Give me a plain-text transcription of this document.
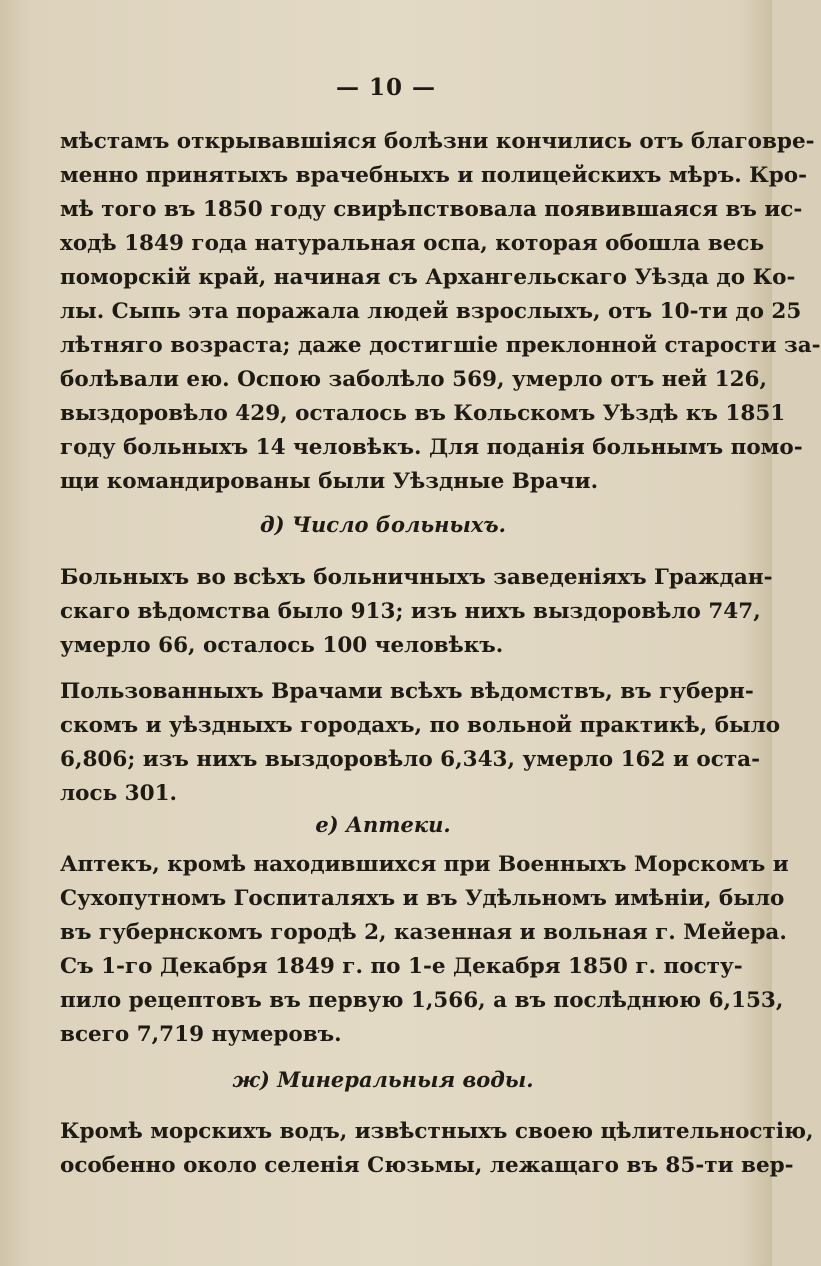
— 10 —
мѣстамъ открывавшіяся болѣзни кончились отъ благовре-
менно принятыхъ врачебныхъ и полицейскихъ мѣръ. Кро-
мѣ того въ 1850 году свирѣпствовала появившаяся въ ис-
ходѣ 1849 года натуральная оспа, которая обошла весь
поморскій край, начиная съ Архангельскаго Уѣзда до Ко-
лы. Сыпь эта поражала людей взрослыхъ, отъ 10-ти до 25
лѣтняго возраста; даже достигшіе преклонной старости за-
болѣвали ею. Оспою заболѣло 569, умерло отъ ней 126,
выздоровѣло 429, осталось въ Кольскомъ Уѣздѣ къ 1851
году больныхъ 14 человѣкъ. Для поданія больнымъ помо-
щи командированы были Уѣздные Врачи.
д) Число больныхъ.
Больныхъ во всѣхъ больничныхъ заведеніяхъ Граждан-
скаго вѣдомства было 913; изъ нихъ выздоровѣло 747,
умерло 66, осталось 100 человѣкъ.
Пользованныхъ Врачами всѣхъ вѣдомствъ, въ губерн-
скомъ и уѣздныхъ городахъ, по вольной практикѣ, было
6,806; изъ нихъ выздоровѣло 6,343, умерло 162 и оста-
лось 301.
е) Аптеки.
Аптекъ, кромѣ находившихся при Военныхъ Морскомъ и
Сухопутномъ Госпиталяхъ и въ Удѣльномъ имѣніи, было
въ губернскомъ городѣ 2, казенная и вольная г. Мейера.
Съ 1-го Декабря 1849 г. по 1-е Декабря 1850 г. посту-
пило рецептовъ въ первую 1,566, а въ послѣднюю 6,153,
всего 7,719 нумеровъ.
ж) Минеральныя воды.
Кромѣ морскихъ водъ, извѣстныхъ своею цѣлительностію,
особенно около селенія Сюзьмы, лежащаго въ 85-ти вер-
